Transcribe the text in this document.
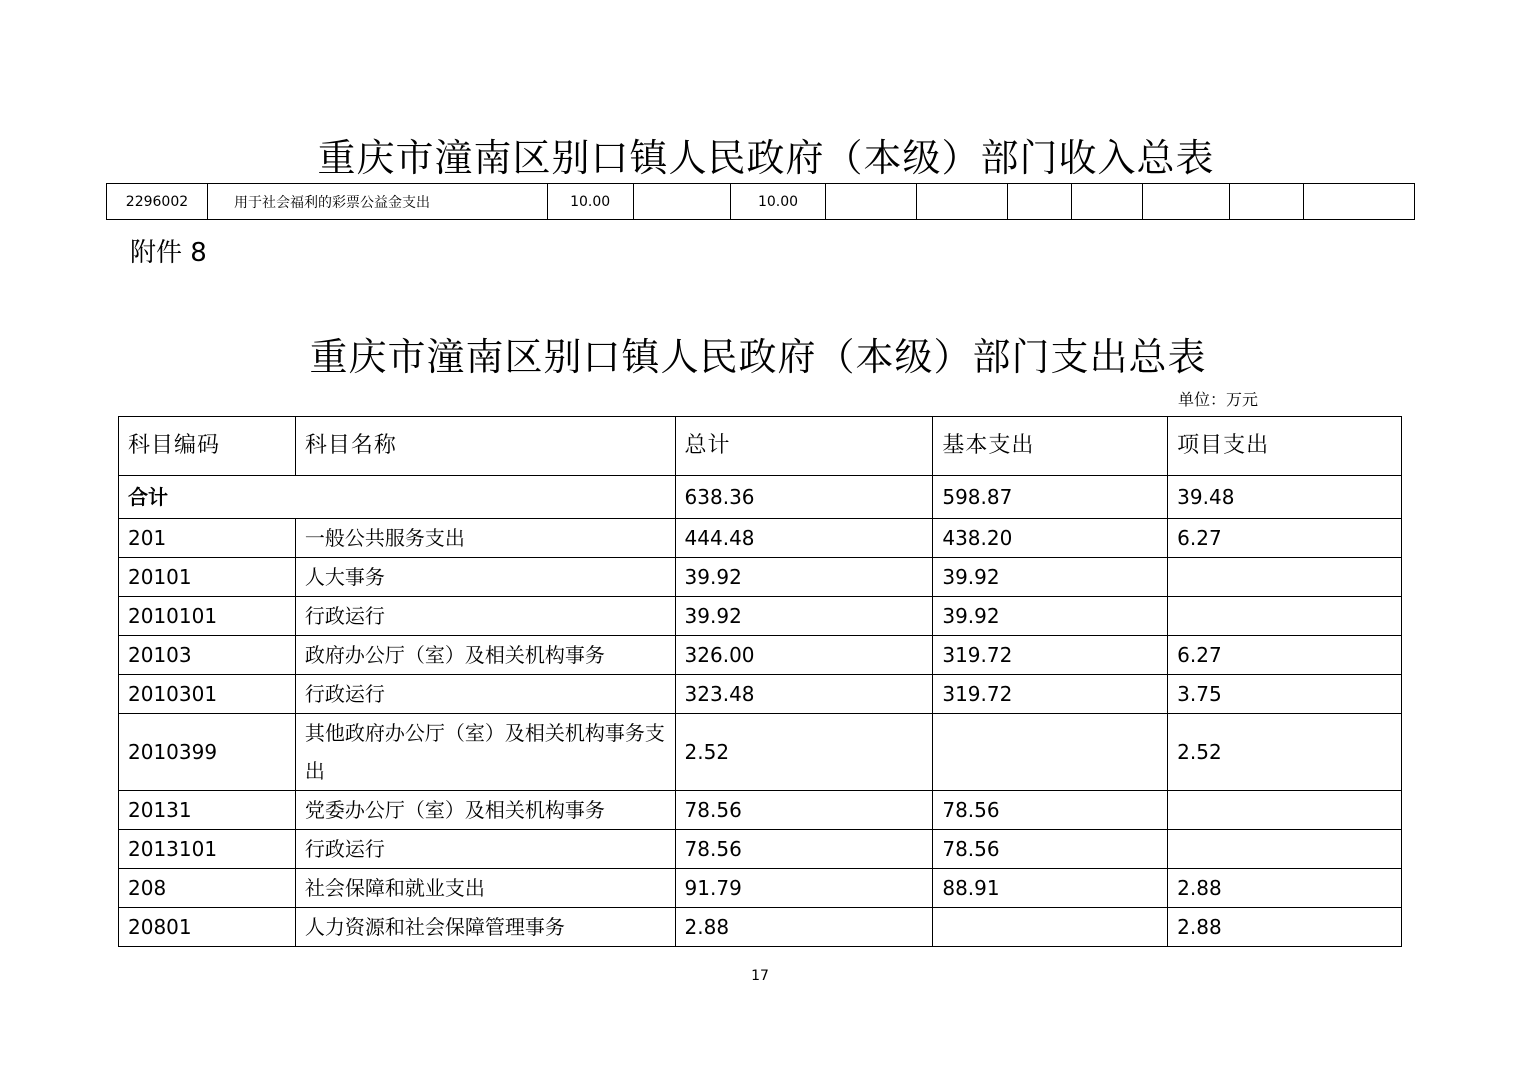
重庆市潼南区别口镇人民政府（本级）部门收入总表
2296002	用于社会福利的彩票公益金支出	10.00		10.00							
附件 8
重庆市潼南区别口镇人民政府（本级）部门支出总表
单位：万元
科目编码	科目名称	总计	基本支出	项目支出
合计		638.36	598.87	39.48
201	一般公共服务支出	444.48	438.20	6.27
20101	人大事务	39.92	39.92	
2010101	行政运行	39.92	39.92	
20103	政府办公厅（室）及相关机构事务	326.00	319.72	6.27
2010301	行政运行	323.48	319.72	3.75
2010399	其他政府办公厅（室）及相关机构事务支出	2.52		2.52
20131	党委办公厅（室）及相关机构事务	78.56	78.56	
2013101	行政运行	78.56	78.56	
208	社会保障和就业支出	91.79	88.91	2.88
20801	人力资源和社会保障管理事务	2.88		2.88
17
